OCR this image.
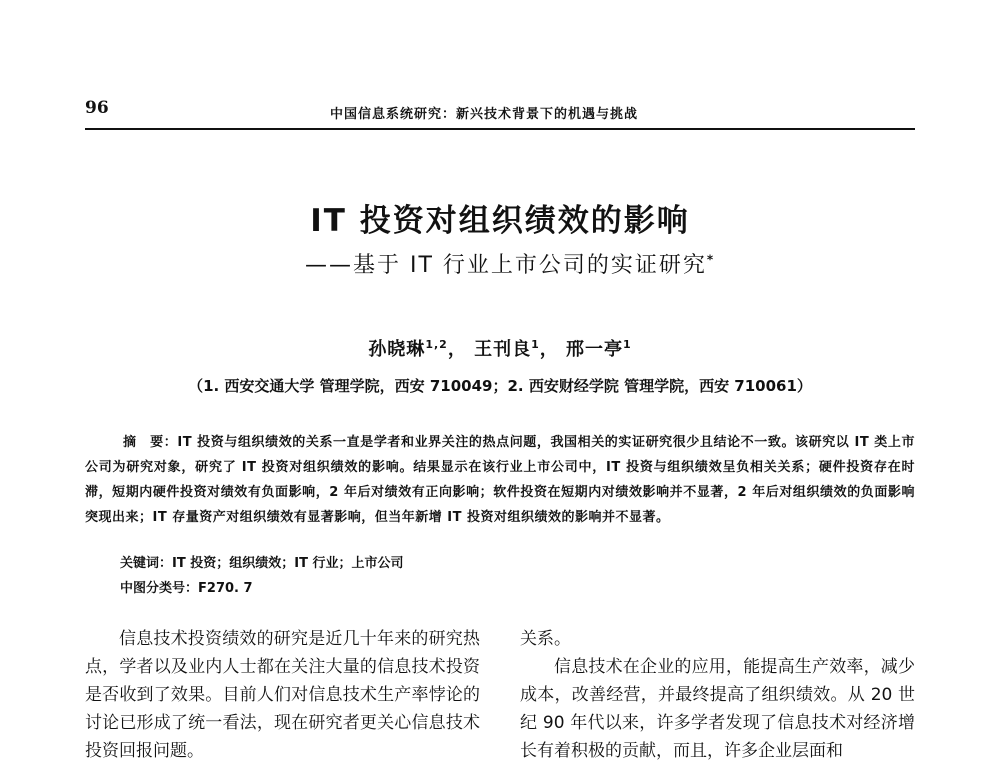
96	中国信息系统研究：新兴技术背景下的机遇与挑战
IT 投资对组织绩效的影响
——基于 IT 行业上市公司的实证研究*
孙晓琳$^{1,2}$， 王刊良$^1$， 邢一亭$^1$
（1. 西安交通大学 管理学院，西安 710049；2. 西安财经学院 管理学院，西安 710061）
摘　要：IT 投资与组织绩效的关系一直是学者和业界关注的热点问题，我国相关的实证研究很少且结论不一致。该研究以 IT 类上市公司为研究对象，研究了 IT 投资对组织绩效的影响。结果显示在该行业上市公司中，IT 投资与组织绩效呈负相关关系；硬件投资存在时滞，短期内硬件投资对绩效有负面影响，2 年后对绩效有正向影响；软件投资在短期内对绩效影响并不显著，2 年后对组织绩效的负面影响突现出来；IT 存量资产对组织绩效有显著影响，但当年新增 IT 投资对组织绩效的影响并不显著。
关键词：IT 投资；组织绩效；IT 行业；上市公司
中图分类号：F270. 7

信息技术投资绩效的研究是近几十年来的研究热点，学者以及业内人士都在关注大量的信息技术投资是否收到了效果。目前人们对信息技术生产率悖论的讨论已形成了统一看法，现在研究者更关心信息技术投资回报问题。

关系。

信息技术在企业的应用，能提高生产效率，减少成本，改善经营，并最终提高了组织绩效。从 20 世纪 90 年代以来，许多学者发现了信息技术对经济增长有着积极的贡献，而且，许多企业层面和
